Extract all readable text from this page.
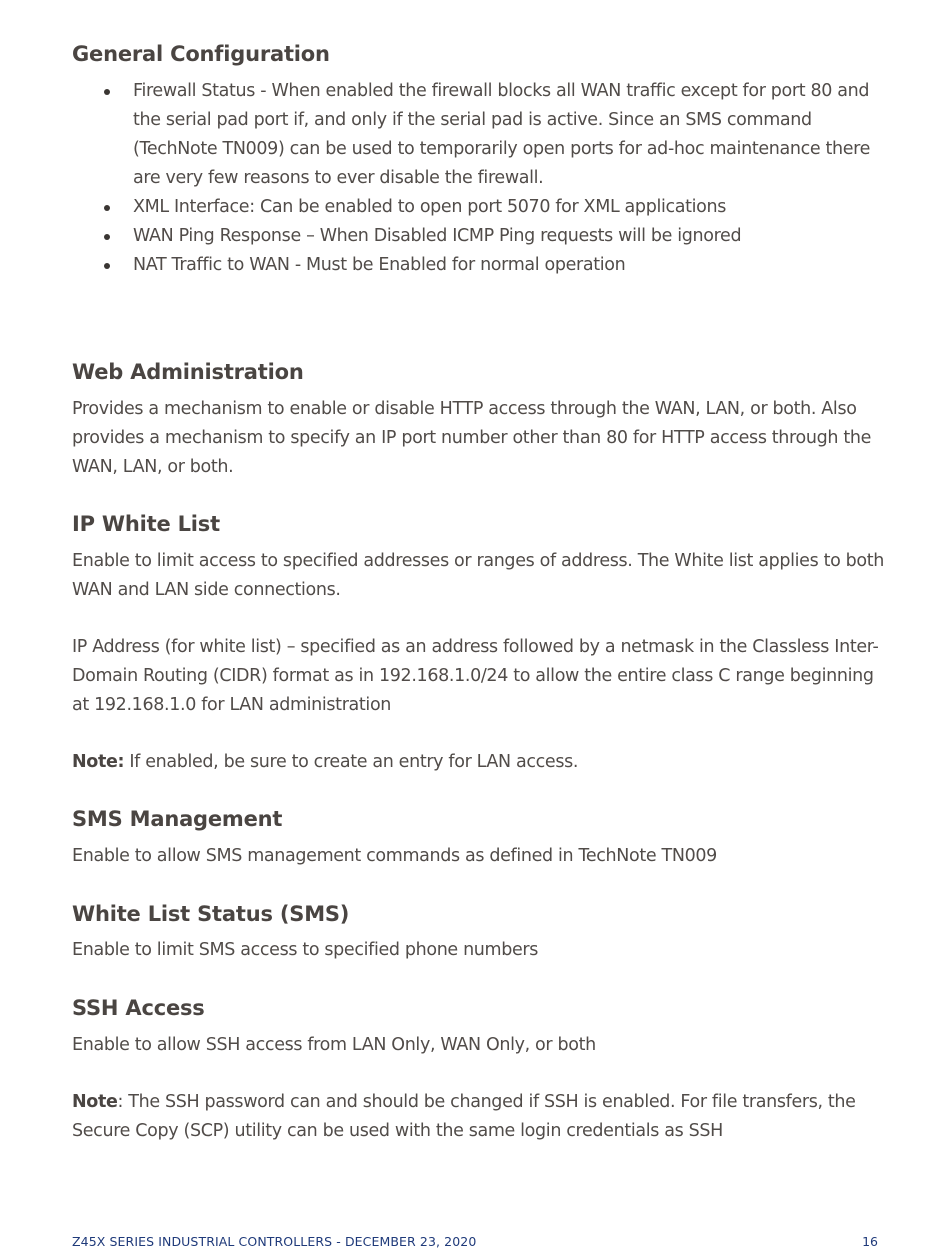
General Configuration
Firewall Status - When enabled the firewall blocks all WAN traffic except for port 80 and the serial pad port if, and only if the serial pad is active. Since an SMS command (TechNote TN009) can be used to temporarily open ports for ad-hoc maintenance there are very few reasons to ever disable the firewall.
XML Interface: Can be enabled to open port 5070 for XML applications
WAN Ping Response – When Disabled ICMP Ping requests will be ignored
NAT Traffic to WAN - Must be Enabled for normal operation
Web Administration

Provides a mechanism to enable or disable HTTP access through the WAN, LAN, or both. Also provides a mechanism to specify an IP port number other than 80 for HTTP access through the WAN, LAN, or both.

IP White List

Enable to limit access to specified addresses or ranges of address. The White list applies to both WAN and LAN side connections.

IP Address (for white list) – specified as an address followed by a netmask in the Classless Inter-Domain Routing (CIDR) format as in 192.168.1.0/24 to allow the entire class C range beginning at 192.168.1.0 for LAN administration

Note: If enabled, be sure to create an entry for LAN access.

SMS Management

Enable to allow SMS management commands as defined in TechNote TN009

White List Status (SMS)

Enable to limit SMS access to specified phone numbers

SSH Access

Enable to allow SSH access from LAN Only, WAN Only, or both

Note: The SSH password can and should be changed if SSH is enabled. For file transfers, the Secure Copy (SCP) utility can be used with the same login credentials as SSH

Z45X SERIES INDUSTRIAL CONTROLLERS - DECEMBER 23, 2020	16
